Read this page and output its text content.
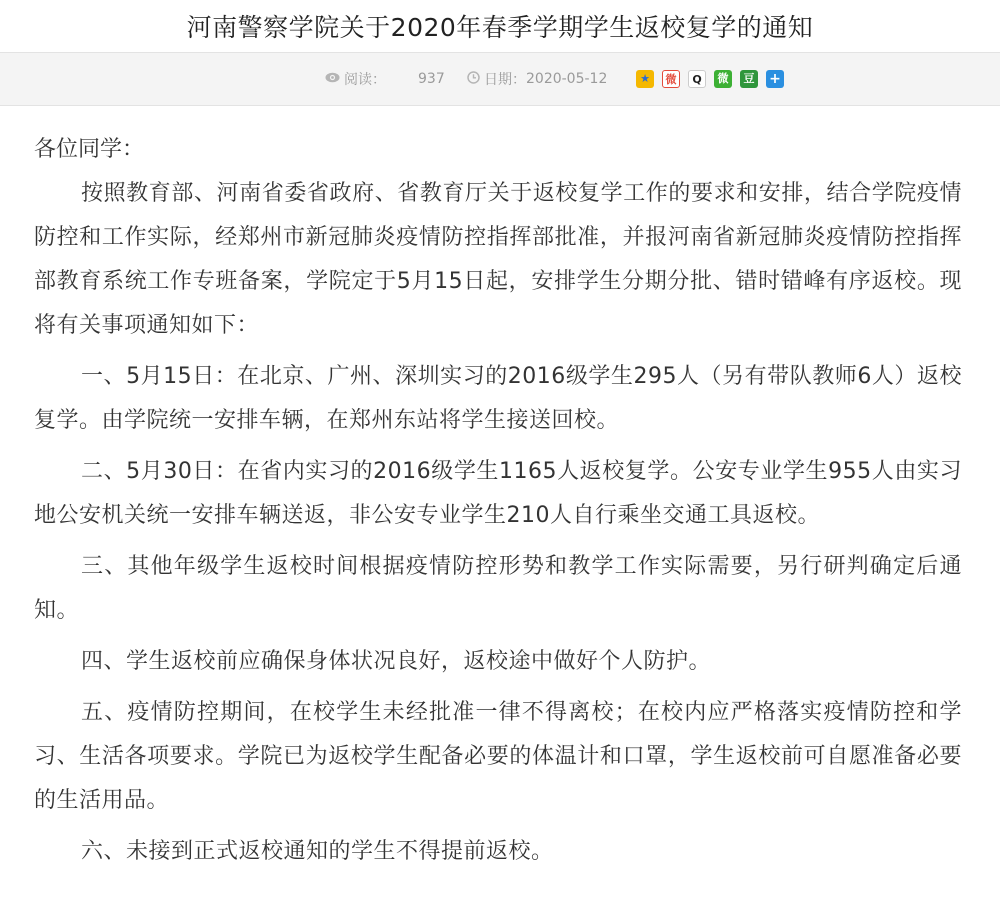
河南警察学院关于2020年春季学期学生返校复学的通知
阅读： 937	日期： 2020-05-12	★	微	Q	微	豆 +

各位同学：

按照教育部、河南省委省政府、省教育厅关于返校复学工作的要求和安排，结合学院疫情防控和工作实际，经郑州市新冠肺炎疫情防控指挥部批准，并报河南省新冠肺炎疫情防控指挥部教育系统工作专班备案，学院定于5月15日起，安排学生分期分批、错时错峰有序返校。现将有关事项通知如下：

一、5月15日：在北京、广州、深圳实习的2016级学生295人（另有带队教师6人）返校复学。由学院统一安排车辆，在郑州东站将学生接送回校。

二、5月30日：在省内实习的2016级学生1165人返校复学。公安专业学生955人由实习地公安机关统一安排车辆送返，非公安专业学生210人自行乘坐交通工具返校。

三、其他年级学生返校时间根据疫情防控形势和教学工作实际需要，另行研判确定后通知。

四、学生返校前应确保身体状况良好，返校途中做好个人防护。

五、疫情防控期间，在校学生未经批准一律不得离校；在校内应严格落实疫情防控和学习、生活各项要求。学院已为返校学生配备必要的体温计和口罩，学生返校前可自愿准备必要的生活用品。

六、未接到正式返校通知的学生不得提前返校。
